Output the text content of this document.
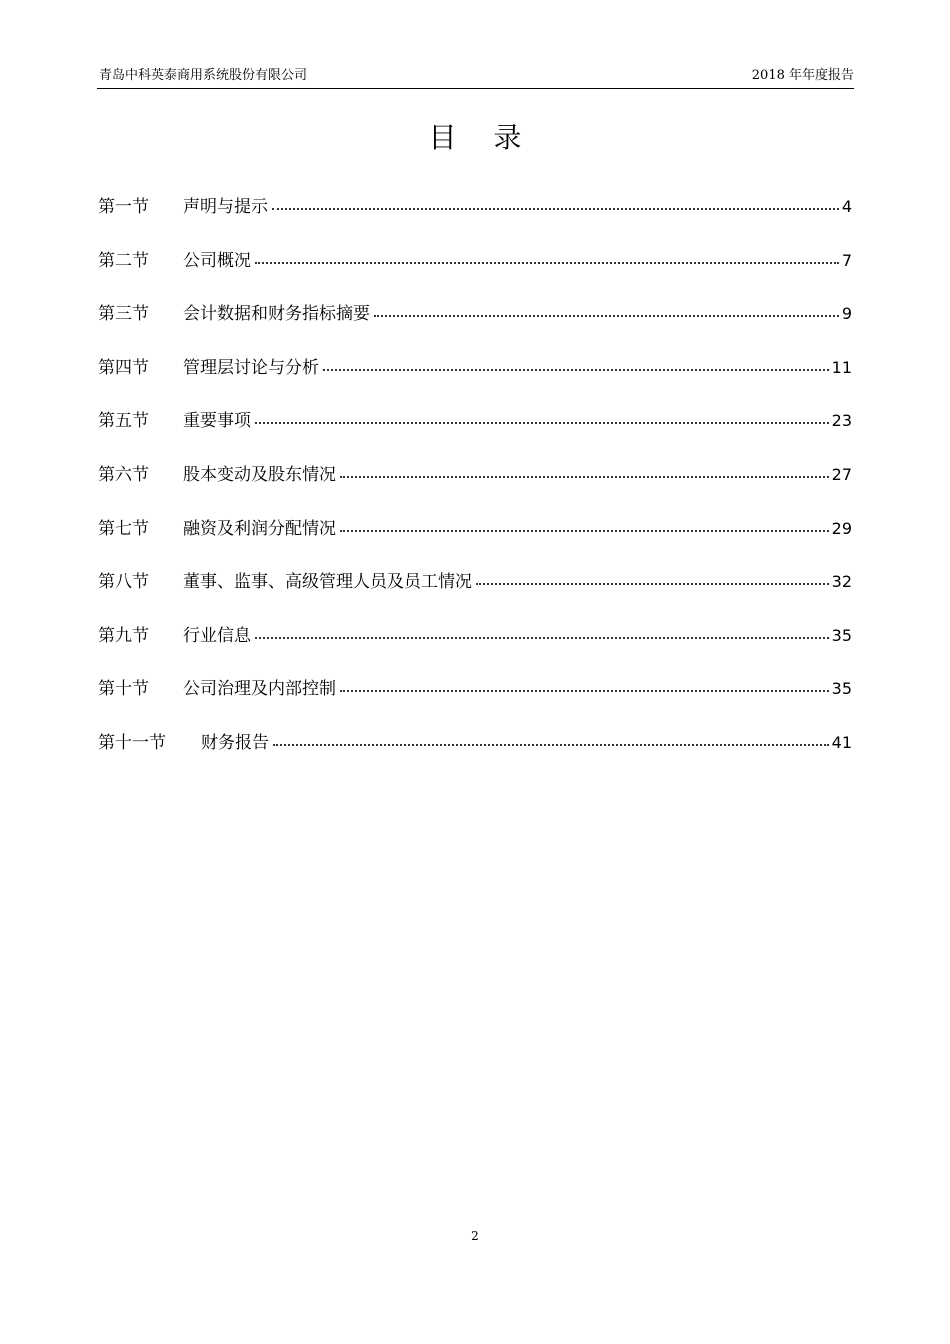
青岛中科英泰商用系统股份有限公司	2018 年年度报告
目 录
第一节	声明与提示	4
第二节	公司概况	7
第三节	会计数据和财务指标摘要	9
第四节	管理层讨论与分析	11
第五节	重要事项	23
第六节	股本变动及股东情况	27
第七节	融资及利润分配情况	29
第八节	董事、监事、高级管理人员及员工情况	32
第九节	行业信息	35
第十节	公司治理及内部控制	35
第十一节	财务报告	41
2
